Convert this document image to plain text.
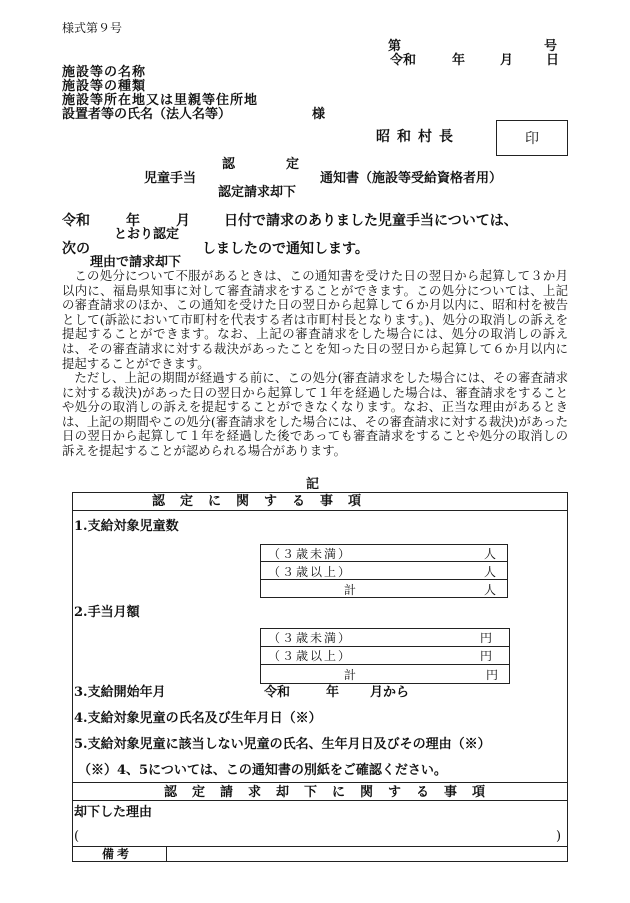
様式第９号
第	号
令和	年	月	日
施設等の名称
施設等の種類
施設等所在地又は里親等住所地
設置者等の氏名（法人名等）	様
昭和村長	印
認	定
児童手当	通知書（施設等受給資格者用）
認定請求却下
令和	年	月 日付で請求のありました児童手当については、
とおり認定
次の	しましたので通知します。
理由で請求却下
この処分について不服があるときは、この通知書を受けた日の翌日から起算して３か月以内に、福島県知事に対して審査請求をすることができます。この処分については、上記の審査請求のほか、この通知を受けた日の翌日から起算して６か月以内に、昭和村を被告として(訴訟において市町村を代表する者は市町村長となります。)、処分の取消しの訴えを提起することができます。なお、上記の審査請求をした場合には、処分の取消しの訴えは、その審査請求に対する裁決があったことを知った日の翌日から起算して６か月以内に提起することができます。
ただし、上記の期間が経過する前に、この処分(審査請求をした場合には、その審査請求に対する裁決)があった日の翌日から起算して１年を経過した場合は、審査請求をすることや処分の取消しの訴えを提起することができなくなります。なお、正当な理由があるときは、上記の期間やこの処分(審査請求をした場合には、その審査請求に対する裁決)があった日の翌日から起算して１年を経過した後であっても審査請求をすることや処分の取消しの訴えを提起することが認められる場合があります。
記
認　定　に　関　す　る　事　項
1.支給対象児童数
（３歳未満）	人
（３歳以上）	人
計	人
2.手当月額
（３歳未満）	円
（３歳以上）	円
計	円
3.支給開始年月	令和	年 月から
4.支給対象児童の氏名及び生年月日（※）
5.支給対象児童に該当しない児童の氏名、生年月日及びその理由（※）
（※）4、5については、この通知書の別紙をご確認ください。
認　定　請　求　却　下　に　関　す　る　事　項
却下した理由
(	)
備考
